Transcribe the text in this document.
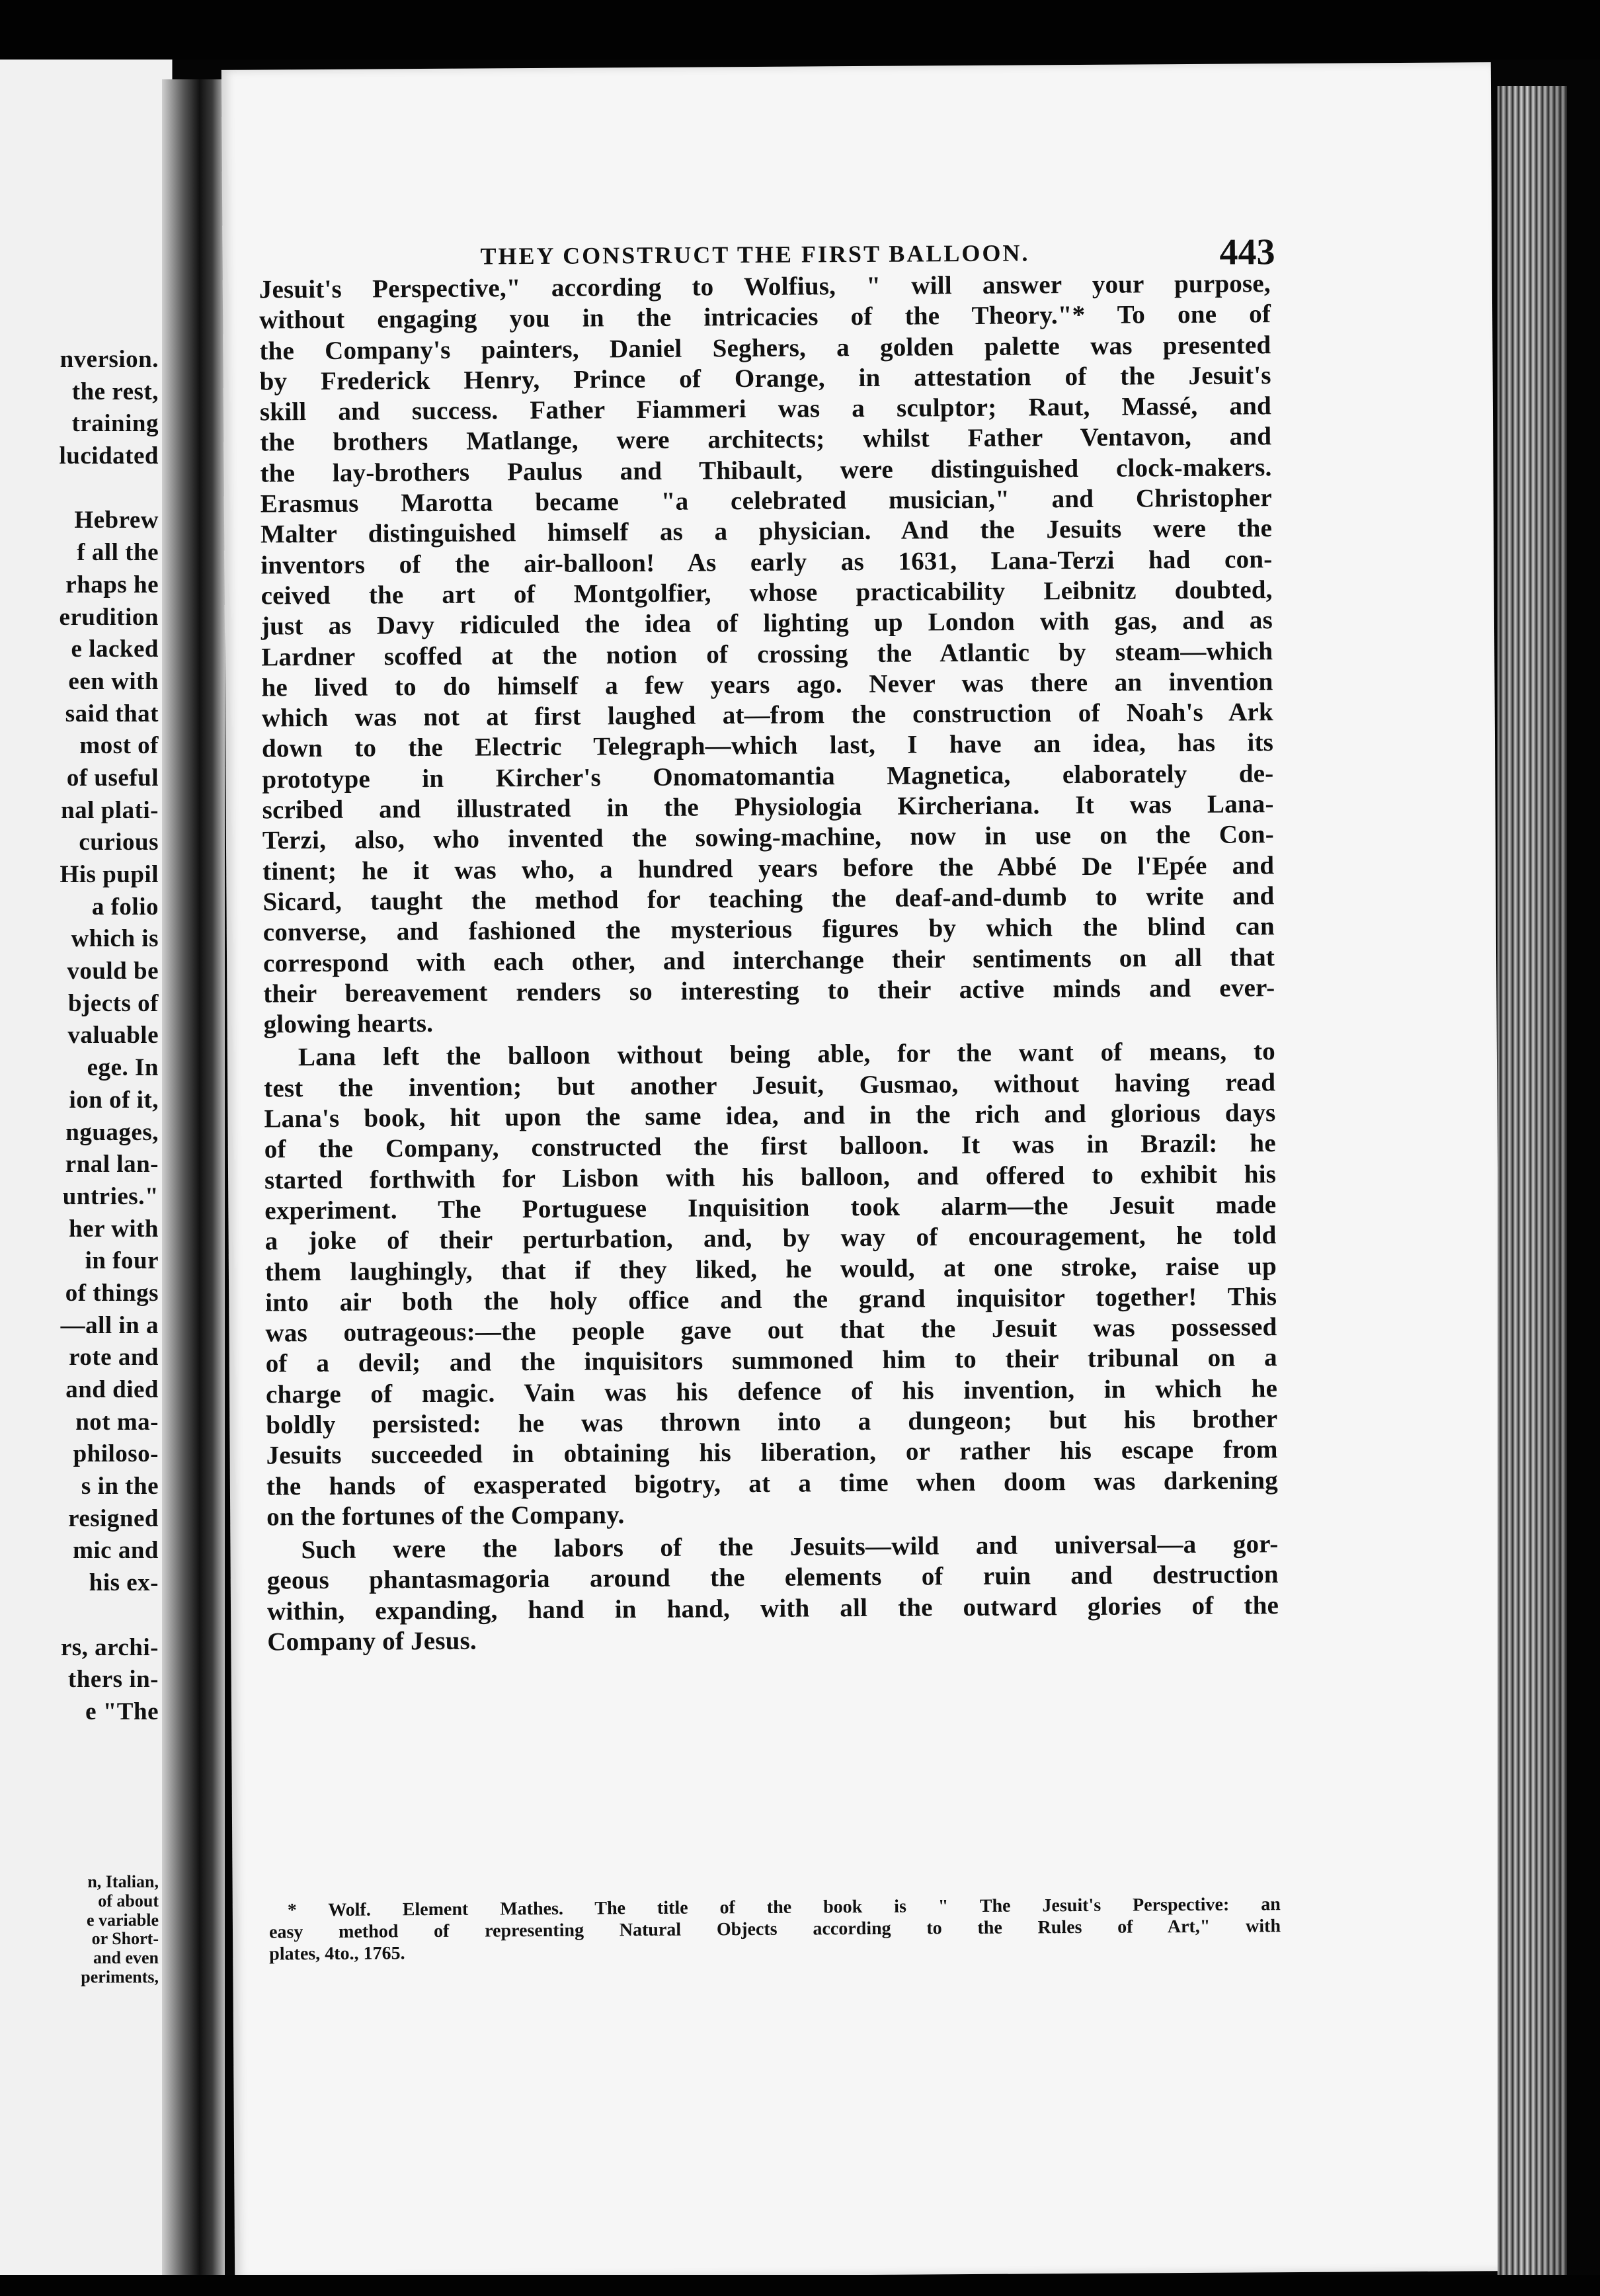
nversion.
the rest,
training
lucidated
Hebrew
f all the
rhaps he
erudition
e lacked
een with
said that
most of
of useful
nal plati-
curious
His pupil
a folio
which is
vould be
bjects of
valuable
ege. In
ion of it,
nguages,
rnal lan-
untries."
her with
in four
of things
—all in a
rote and
and died
not ma-
philoso-
s in the
resigned
mic and
his ex-
rs, archi-
thers in-
e "The
n, Italian,
of about
e variable
or Short-
and even
periments,
THEY CONSTRUCT THE FIRST BALLOON.	443
Jesuit's Perspective," according to Wolfius, " will answer your purpose,
without engaging you in the intricacies of the Theory."* To one of
the Company's painters, Daniel Seghers, a golden palette was presented
by Frederick Henry, Prince of Orange, in attestation of the Jesuit's
skill and success. Father Fiammeri was a sculptor; Raut, Massé, and
the brothers Matlange, were architects; whilst Father Ventavon, and
the lay-brothers Paulus and Thibault, were distinguished clock-makers.
Erasmus Marotta became "a celebrated musician," and Christopher
Malter distinguished himself as a physician. And the Jesuits were the
inventors of the air-balloon! As early as 1631, Lana-Terzi had con-
ceived the art of Montgolfier, whose practicability Leibnitz doubted,
just as Davy ridiculed the idea of lighting up London with gas, and as
Lardner scoffed at the notion of crossing the Atlantic by steam—which
he lived to do himself a few years ago. Never was there an invention
which was not at first laughed at—from the construction of Noah's Ark
down to the Electric Telegraph—which last, I have an idea, has its
prototype in Kircher's Onomatomantia Magnetica, elaborately de-
scribed and illustrated in the Physiologia Kircheriana. It was Lana-
Terzi, also, who invented the sowing-machine, now in use on the Con-
tinent; he it was who, a hundred years before the Abbé De l'Epée and
Sicard, taught the method for teaching the deaf-and-dumb to write and
converse, and fashioned the mysterious figures by which the blind can
correspond with each other, and interchange their sentiments on all that
their bereavement renders so interesting to their active minds and ever-
glowing hearts.
Lana left the balloon without being able, for the want of means, to
test the invention; but another Jesuit, Gusmao, without having read
Lana's book, hit upon the same idea, and in the rich and glorious days
of the Company, constructed the first balloon. It was in Brazil: he
started forthwith for Lisbon with his balloon, and offered to exhibit his
experiment. The Portuguese Inquisition took alarm—the Jesuit made
a joke of their perturbation, and, by way of encouragement, he told
them laughingly, that if they liked, he would, at one stroke, raise up
into air both the holy office and the grand inquisitor together! This
was outrageous:—the people gave out that the Jesuit was possessed
of a devil; and the inquisitors summoned him to their tribunal on a
charge of magic. Vain was his defence of his invention, in which he
boldly persisted: he was thrown into a dungeon; but his brother
Jesuits succeeded in obtaining his liberation, or rather his escape from
the hands of exasperated bigotry, at a time when doom was darkening
on the fortunes of the Company.
Such were the labors of the Jesuits—wild and universal—a gor-
geous phantasmagoria around the elements of ruin and destruction
within, expanding, hand in hand, with all the outward glories of the
Company of Jesus.
* Wolf. Element Mathes. The title of the book is " The Jesuit's Perspective: an
easy method of representing Natural Objects according to the Rules of Art," with
plates, 4to., 1765.
